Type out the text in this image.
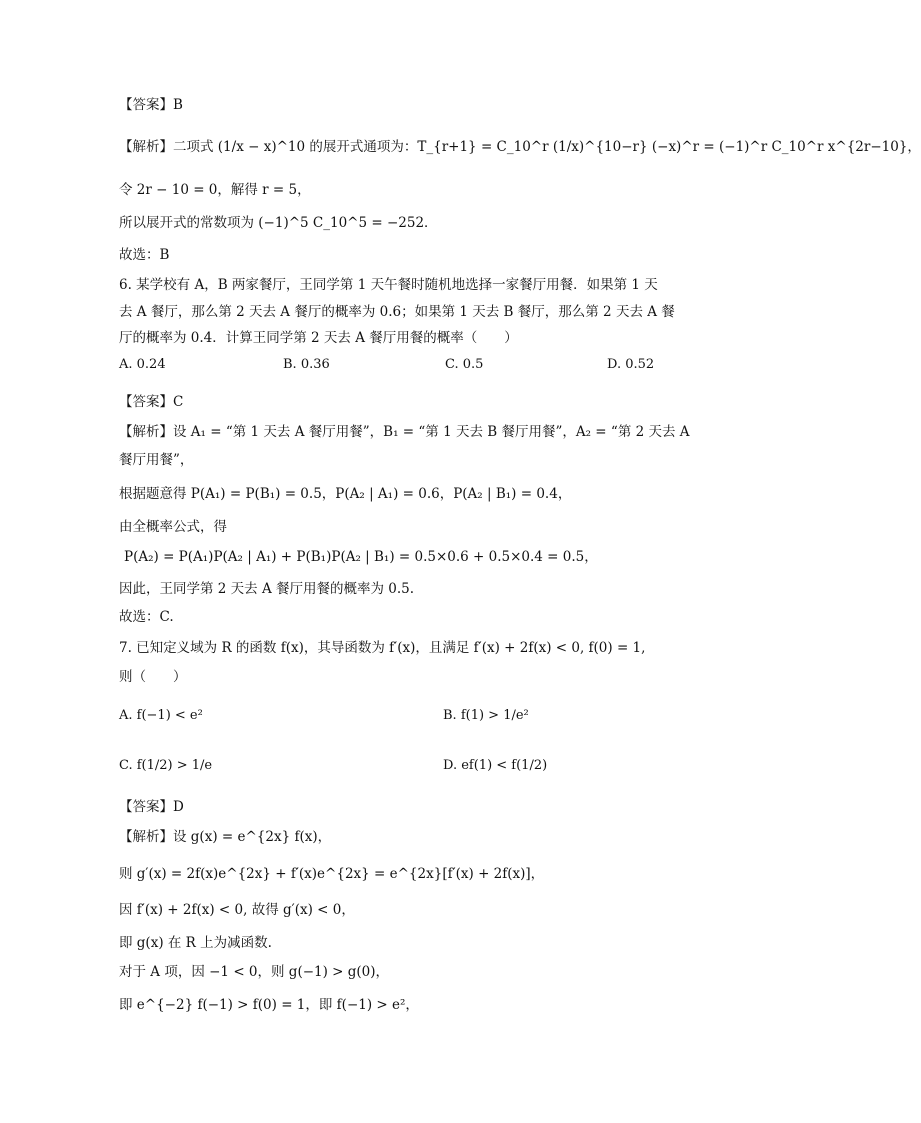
【答案】B
【解析】二项式 (1/x − x)^10 的展开式通项为：T_{r+1} = C_10^r (1/x)^{10−r} (−x)^r = (−1)^r C_10^r x^{2r−10}，
令 2r − 10 = 0，解得 r = 5，
所以展开式的常数项为 (−1)^5 C_10^5 = −252．
故选：B
6. 某学校有 A，B 两家餐厅，王同学第 1 天午餐时随机地选择一家餐厅用餐．如果第 1 天
去 A 餐厅，那么第 2 天去 A 餐厅的概率为 0.6；如果第 1 天去 B 餐厅，那么第 2 天去 A 餐
厅的概率为 0.4．计算王同学第 2 天去 A 餐厅用餐的概率（　　）
A. 0.24	B. 0.36	C. 0.5	D. 0.52
【答案】C
【解析】设 A₁ = “第 1 天去 A 餐厅用餐”，B₁ = “第 1 天去 B 餐厅用餐”，A₂ = “第 2 天去 A
餐厅用餐”，
根据题意得 P(A₁) = P(B₁) = 0.5，P(A₂ | A₁) = 0.6，P(A₂ | B₁) = 0.4，
由全概率公式，得
P(A₂) = P(A₁)P(A₂ | A₁) + P(B₁)P(A₂ | B₁) = 0.5×0.6 + 0.5×0.4 = 0.5，
因此，王同学第 2 天去 A 餐厅用餐的概率为 0.5.
故选：C.
7. 已知定义域为 R 的函数 f(x)，其导函数为 f′(x)，且满足 f′(x) + 2f(x) < 0, f(0) = 1,
则（　　）
A. f(−1) < e²	B. f(1) > 1/e²
C. f(1/2) > 1/e	D. ef(1) < f(1/2)
【答案】D
【解析】设 g(x) = e^{2x} f(x)，
则 g′(x) = 2f(x)e^{2x} + f′(x)e^{2x} = e^{2x}[f′(x) + 2f(x)]，
因 f′(x) + 2f(x) < 0, 故得 g′(x) < 0，
即 g(x) 在 R 上为减函数.
对于 A 项，因 −1 < 0，则 g(−1) > g(0)，
即 e^{−2} f(−1) > f(0) = 1，即 f(−1) > e²，
